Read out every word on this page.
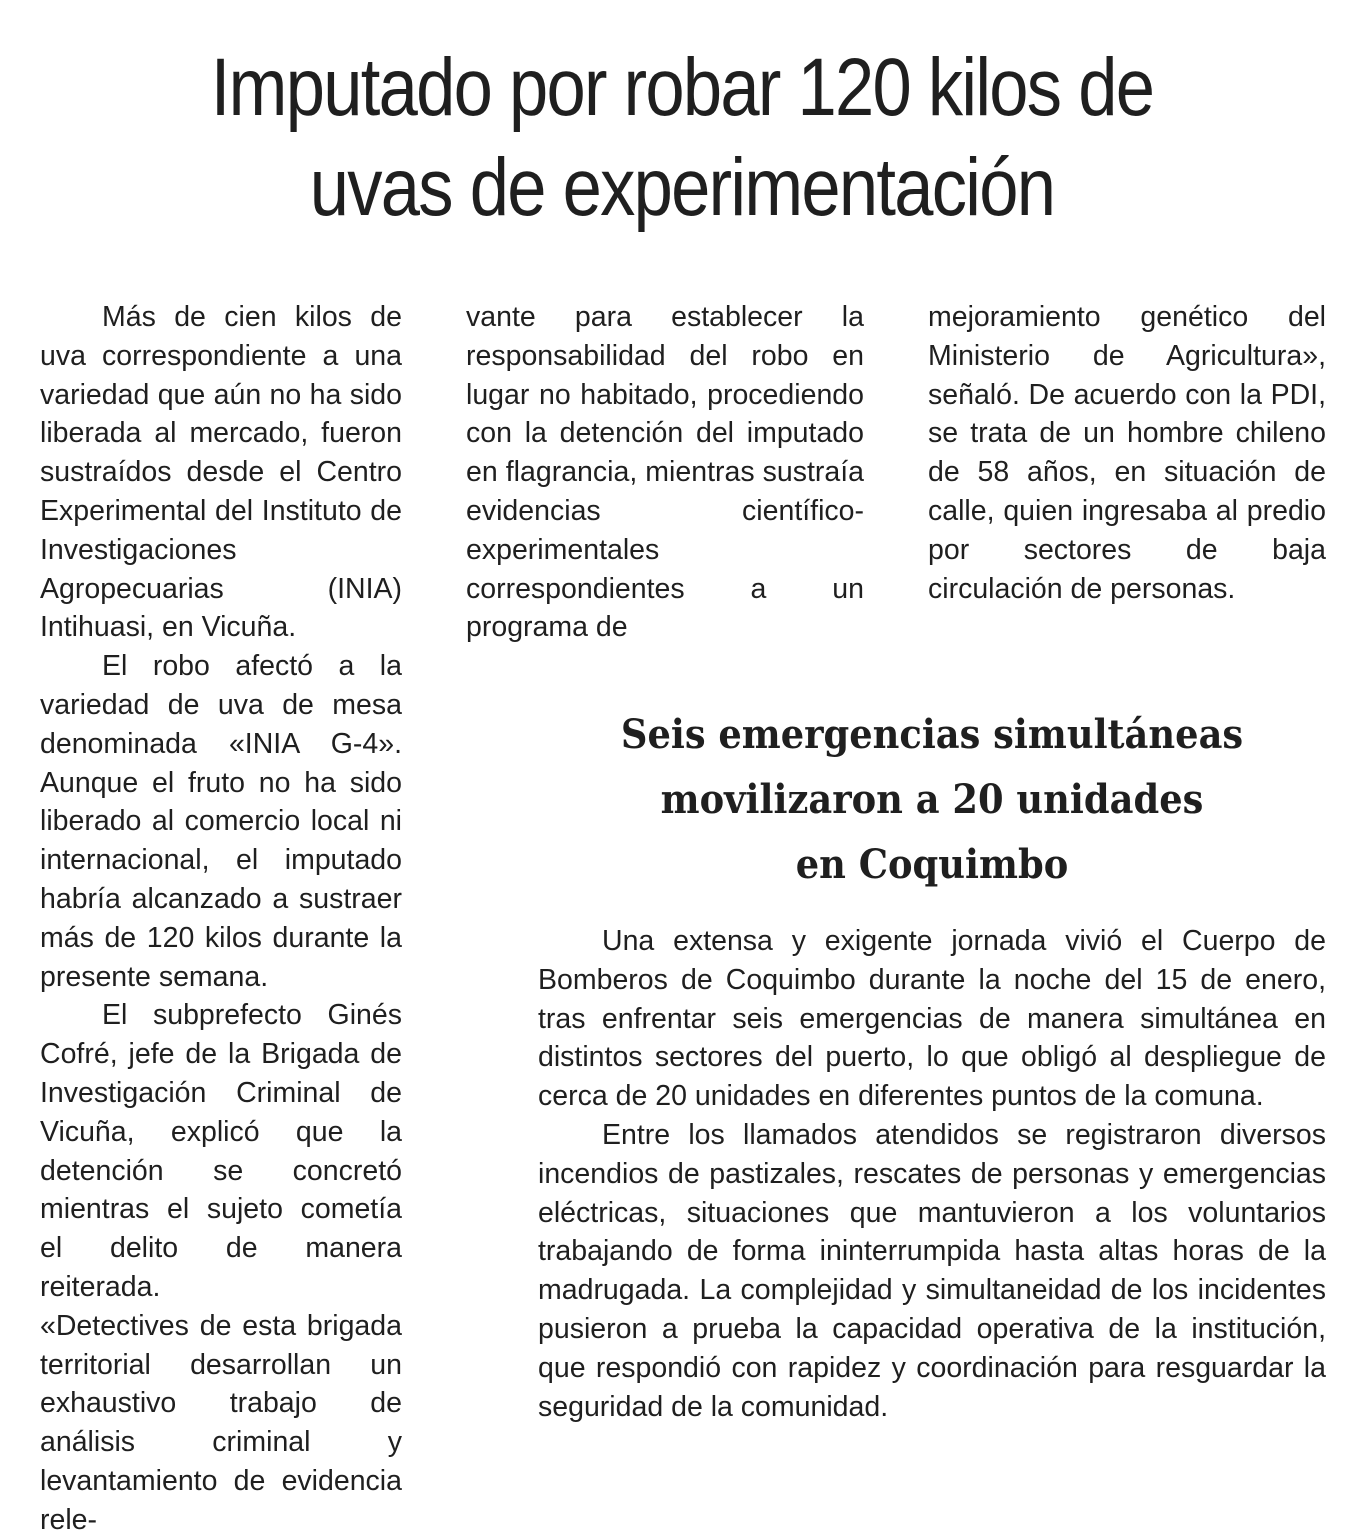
Imputado por robar 120 kilos de
uvas de experimentación

Más de cien kilos de uva correspondiente a una variedad que aún no ha sido liberada al mercado, fueron sustraídos desde el Centro Experimental del Instituto de Investigaciones Agropecuarias (INIA) Intihuasi, en Vicuña.

El robo afectó a la variedad de uva de mesa denominada «INIA G-4». Aunque el fruto no ha sido liberado al comercio local ni internacional, el imputado habría alcanzado a sustraer más de 120 kilos durante la presente semana.

El subprefecto Ginés Cofré, jefe de la Brigada de Investigación Criminal de Vicuña, explicó que la detención se concretó mientras el sujeto cometía el delito de manera reiterada.

«Detectives de esta brigada territorial desarrollan un exhaustivo trabajo de análisis criminal y levantamiento de evidencia rele-

vante para establecer la responsabilidad del robo en lugar no habitado, procediendo con la detención del imputado en flagrancia, mientras sustraía evidencias científico-experimentales correspondientes a un programa de

mejoramiento genético del Ministerio de Agricultura», señaló. De acuerdo con la PDI, se trata de un hombre chileno de 58 años, en situación de calle, quien ingresaba al predio por sectores de baja circulación de personas.

Seis emergencias simultáneas
movilizaron a 20 unidades
en Coquimbo

Una extensa y exigente jornada vivió el Cuerpo de Bomberos de Coquimbo durante la noche del 15 de enero, tras enfrentar seis emergencias de manera simultánea en distintos sectores del puerto, lo que obligó al despliegue de cerca de 20 unidades en diferentes puntos de la comuna.

Entre los llamados atendidos se registraron diversos incendios de pastizales, rescates de personas y emergencias eléctricas, situaciones que mantuvieron a los voluntarios trabajando de forma ininterrumpida hasta altas horas de la madrugada. La complejidad y simultaneidad de los incidentes pusieron a prueba la capacidad operativa de la institución, que respondió con rapidez y coordinación para resguardar la seguridad de la comunidad.
